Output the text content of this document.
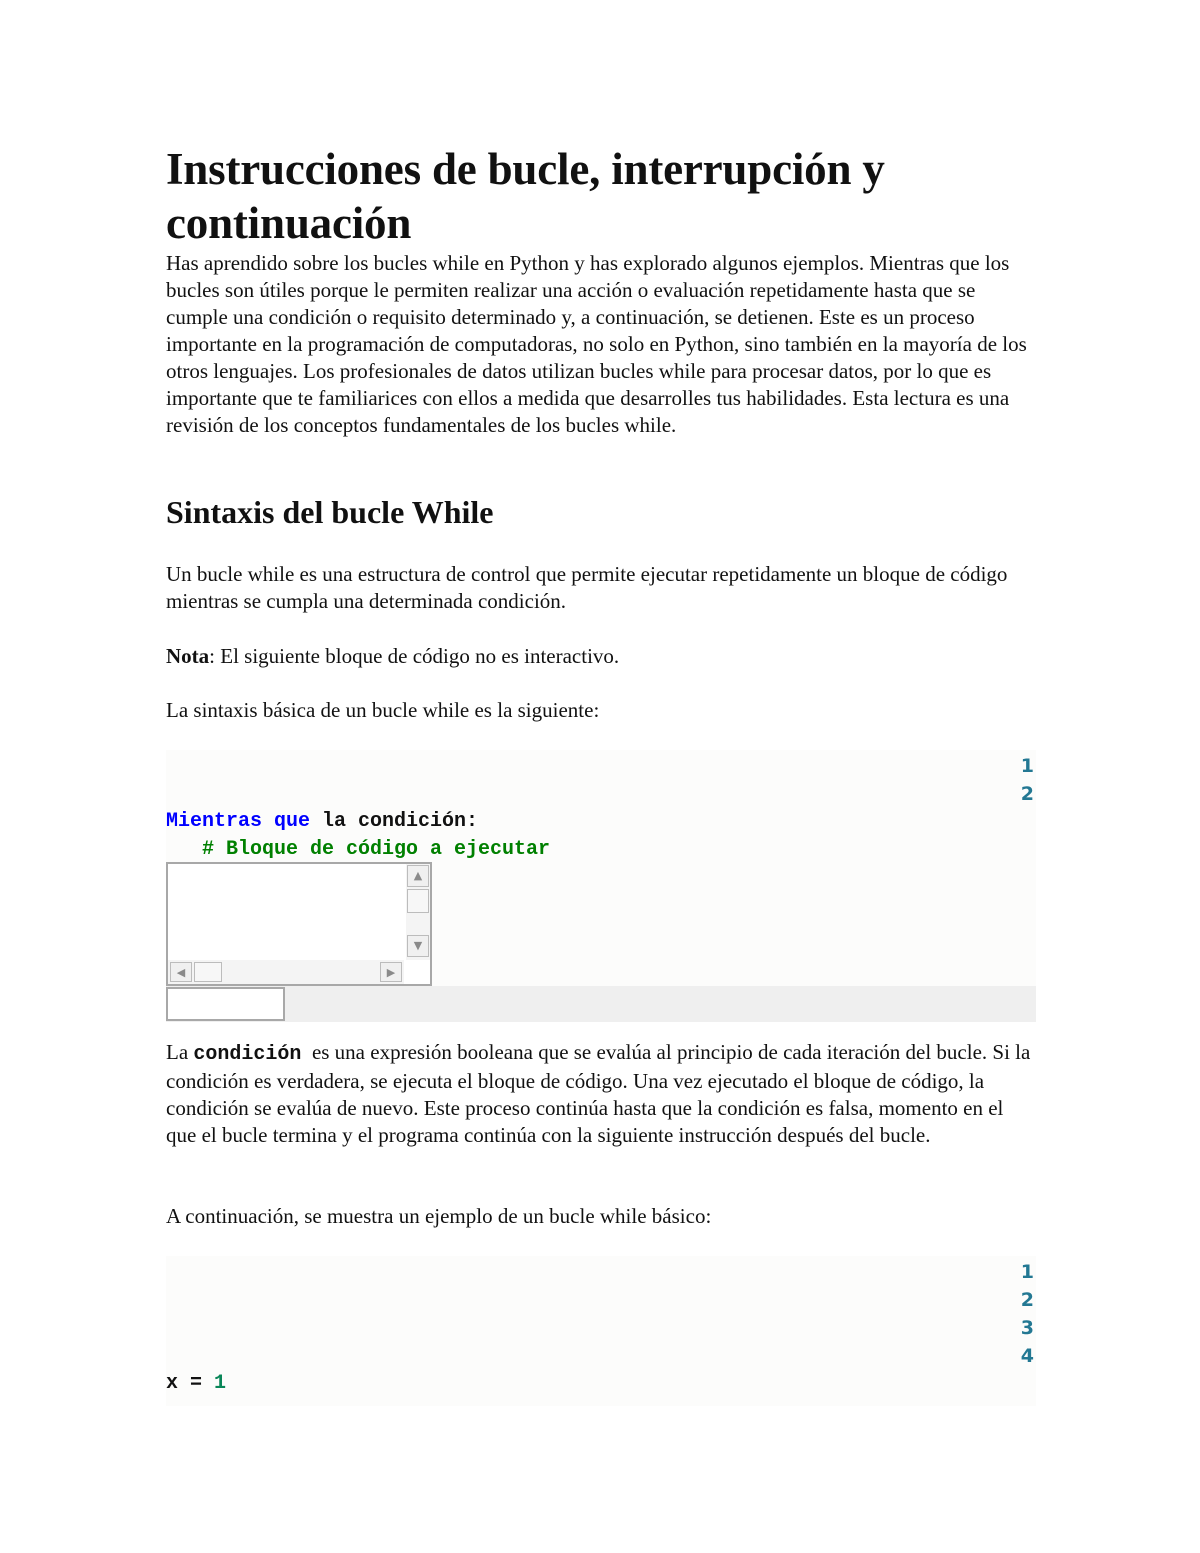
Instrucciones de bucle, interrupción y continuación

Has aprendido sobre los bucles while en Python y has explorado algunos ejemplos. Mientras que los bucles son útiles porque le permiten realizar una acción o evaluación repetidamente hasta que se cumple una condición o requisito determinado y, a continuación, se detienen. Este es un proceso importante en la programación de computadoras, no solo en Python, sino también en la mayoría de los otros lenguajes. Los profesionales de datos utilizan bucles while para procesar datos, por lo que es importante que te familiarices con ellos a medida que desarrolles tus habilidades. Esta lectura es una revisión de los conceptos fundamentales de los bucles while.

Sintaxis del bucle While

Un bucle while es una estructura de control que permite ejecutar repetidamente un bloque de código mientras se cumpla una determinada condición.

Nota: El siguiente bloque de código no es interactivo.

La sintaxis básica de un bucle while es la siguiente:

1
2
Mientras que la condición:
# Bloque de código a ejecutar
▲
▼
◀	▶

La condición  es una expresión booleana que se evalúa al principio de cada iteración del bucle. Si la condición es verdadera, se ejecuta el bloque de código. Una vez ejecutado el bloque de código, la condición se evalúa de nuevo. Este proceso continúa hasta que la condición es falsa, momento en el que el bucle termina y el programa continúa con la siguiente instrucción después del bucle.

A continuación, se muestra un ejemplo de un bucle while básico:

1
2
3
4
x = 1
